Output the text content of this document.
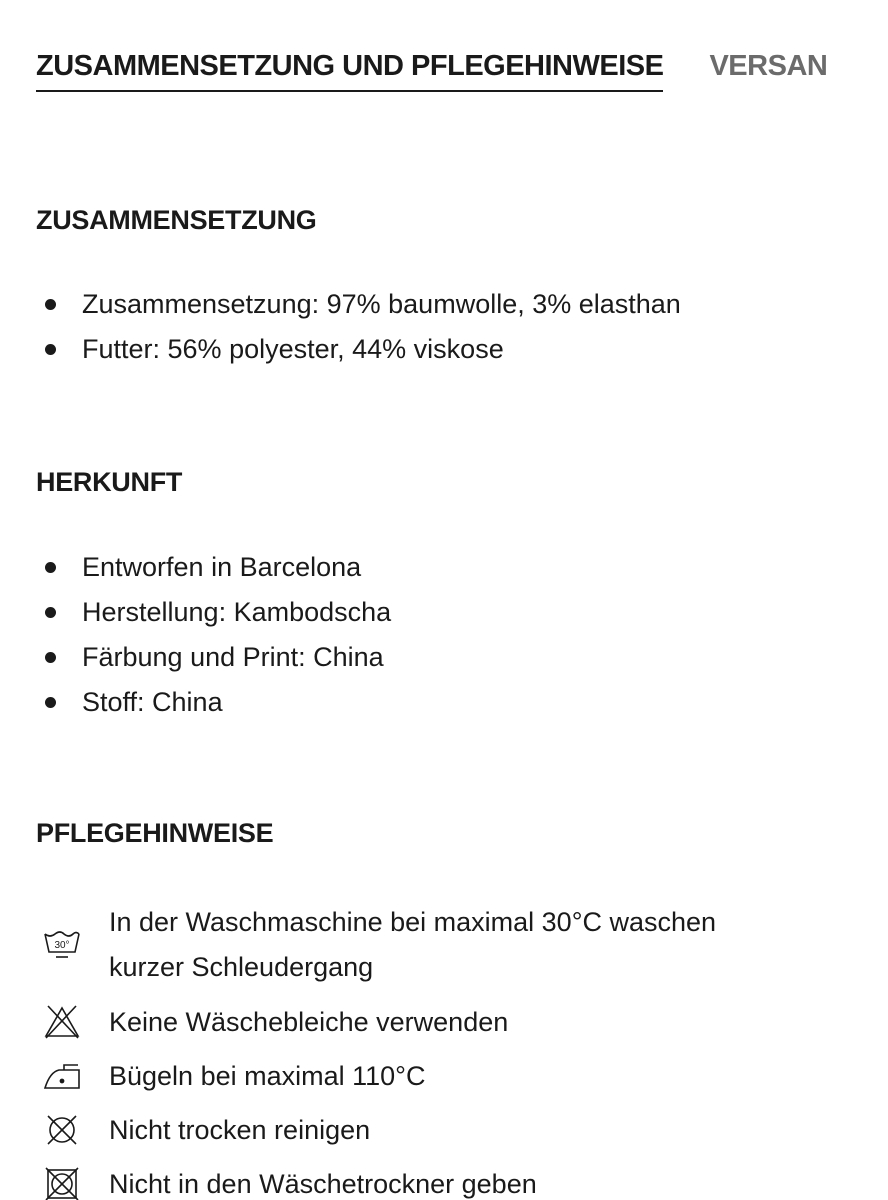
ZUSAMMENSETZUNG UND PFLEGEHINWEISE VERSAN
ZUSAMMENSETZUNG
Zusammensetzung: 97% baumwolle, 3% elasthan
Futter: 56% polyester, 44% viskose
HERKUNFT
Entworfen in Barcelona
Herstellung: Kambodscha
Färbung und Print: China
Stoff: China
PFLEGEHINWEISE
30°
In der Waschmaschine bei maximal 30°C waschen
kurzer Schleudergang
Keine Wäschebleiche verwenden
Bügeln bei maximal 110°C
Nicht trocken reinigen
Nicht in den Wäschetrockner geben
